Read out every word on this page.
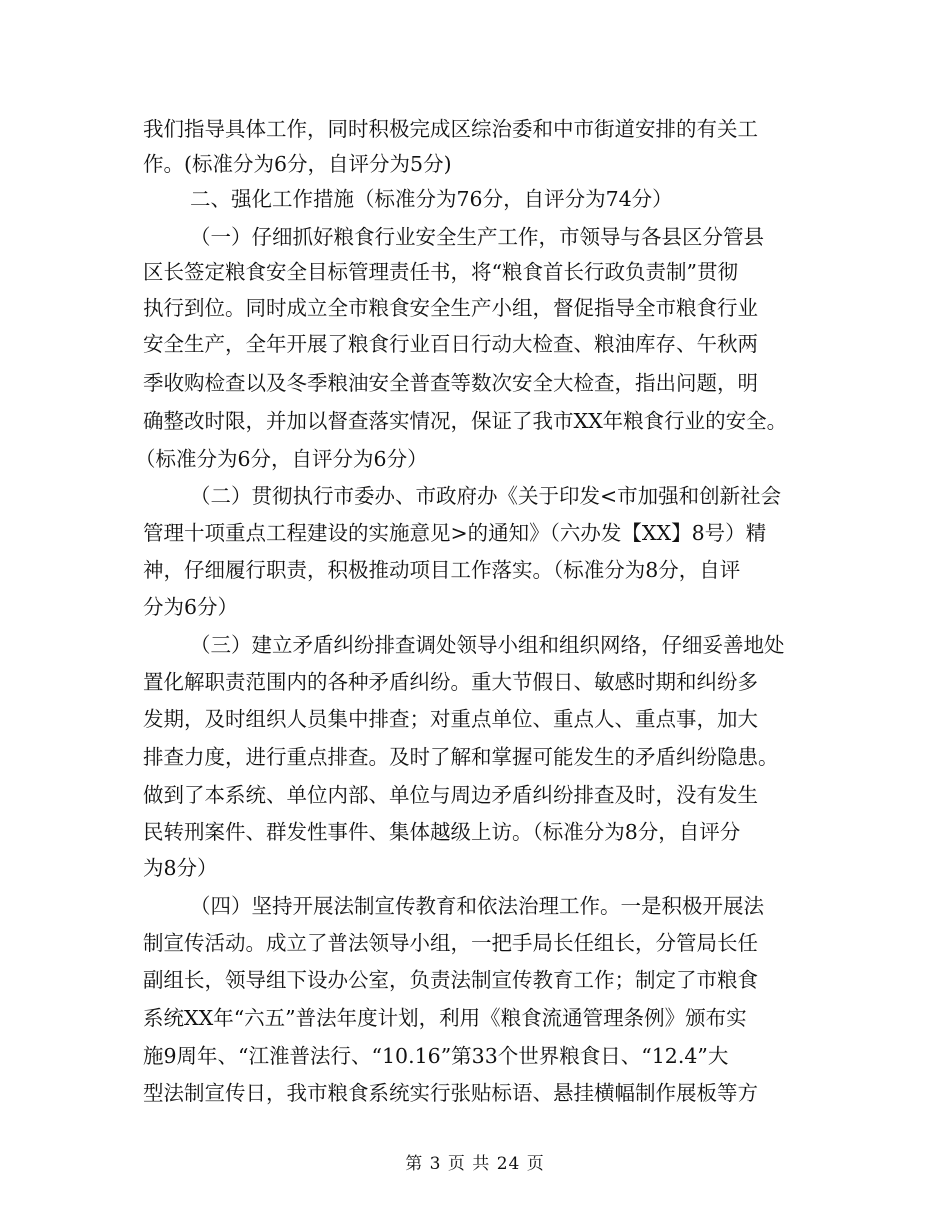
我们指导具体工作，同时积极完成区综治委和中市街道安排的有关工
作。(标准分为6分，自评分为5分)
二、强化工作措施（标准分为76分，自评分为74分）
（一）仔细抓好粮食行业安全生产工作，市领导与各县区分管县
区长签定粮食安全目标管理责任书，将“粮食首长行政负责制”贯彻
执行到位。同时成立全市粮食安全生产小组，督促指导全市粮食行业
安全生产，全年开展了粮食行业百日行动大检查、粮油库存、午秋两
季收购检查以及冬季粮油安全普查等数次安全大检查，指出问题，明
确整改时限，并加以督查落实情况，保证了我市XX年粮食行业的安全。
（标准分为6分，自评分为6分）
（二）贯彻执行市委办、市政府办《关于印发<市加强和创新社会
管理十项重点工程建设的实施意见>的通知》（六办发【XX】8号）精
神，仔细履行职责，积极推动项目工作落实。（标准分为8分，自评
分为6分）
（三）建立矛盾纠纷排查调处领导小组和组织网络，仔细妥善地处
置化解职责范围内的各种矛盾纠纷。重大节假日、敏感时期和纠纷多
发期，及时组织人员集中排查；对重点单位、重点人、重点事，加大
排查力度，进行重点排查。及时了解和掌握可能发生的矛盾纠纷隐患。
做到了本系统、单位内部、单位与周边矛盾纠纷排查及时，没有发生
民转刑案件、群发性事件、集体越级上访。（标准分为8分，自评分
为8分）
（四）坚持开展法制宣传教育和依法治理工作。一是积极开展法
制宣传活动。成立了普法领导小组，一把手局长任组长，分管局长任
副组长，领导组下设办公室，负责法制宣传教育工作；制定了市粮食
系统XX年“六五”普法年度计划，利用《粮食流通管理条例》颁布实
施9周年、“江淮普法行、“10.16”第33个世界粮食日、“12.4”大
型法制宣传日，我市粮食系统实行张贴标语、悬挂横幅制作展板等方
第 3 页 共 24 页
